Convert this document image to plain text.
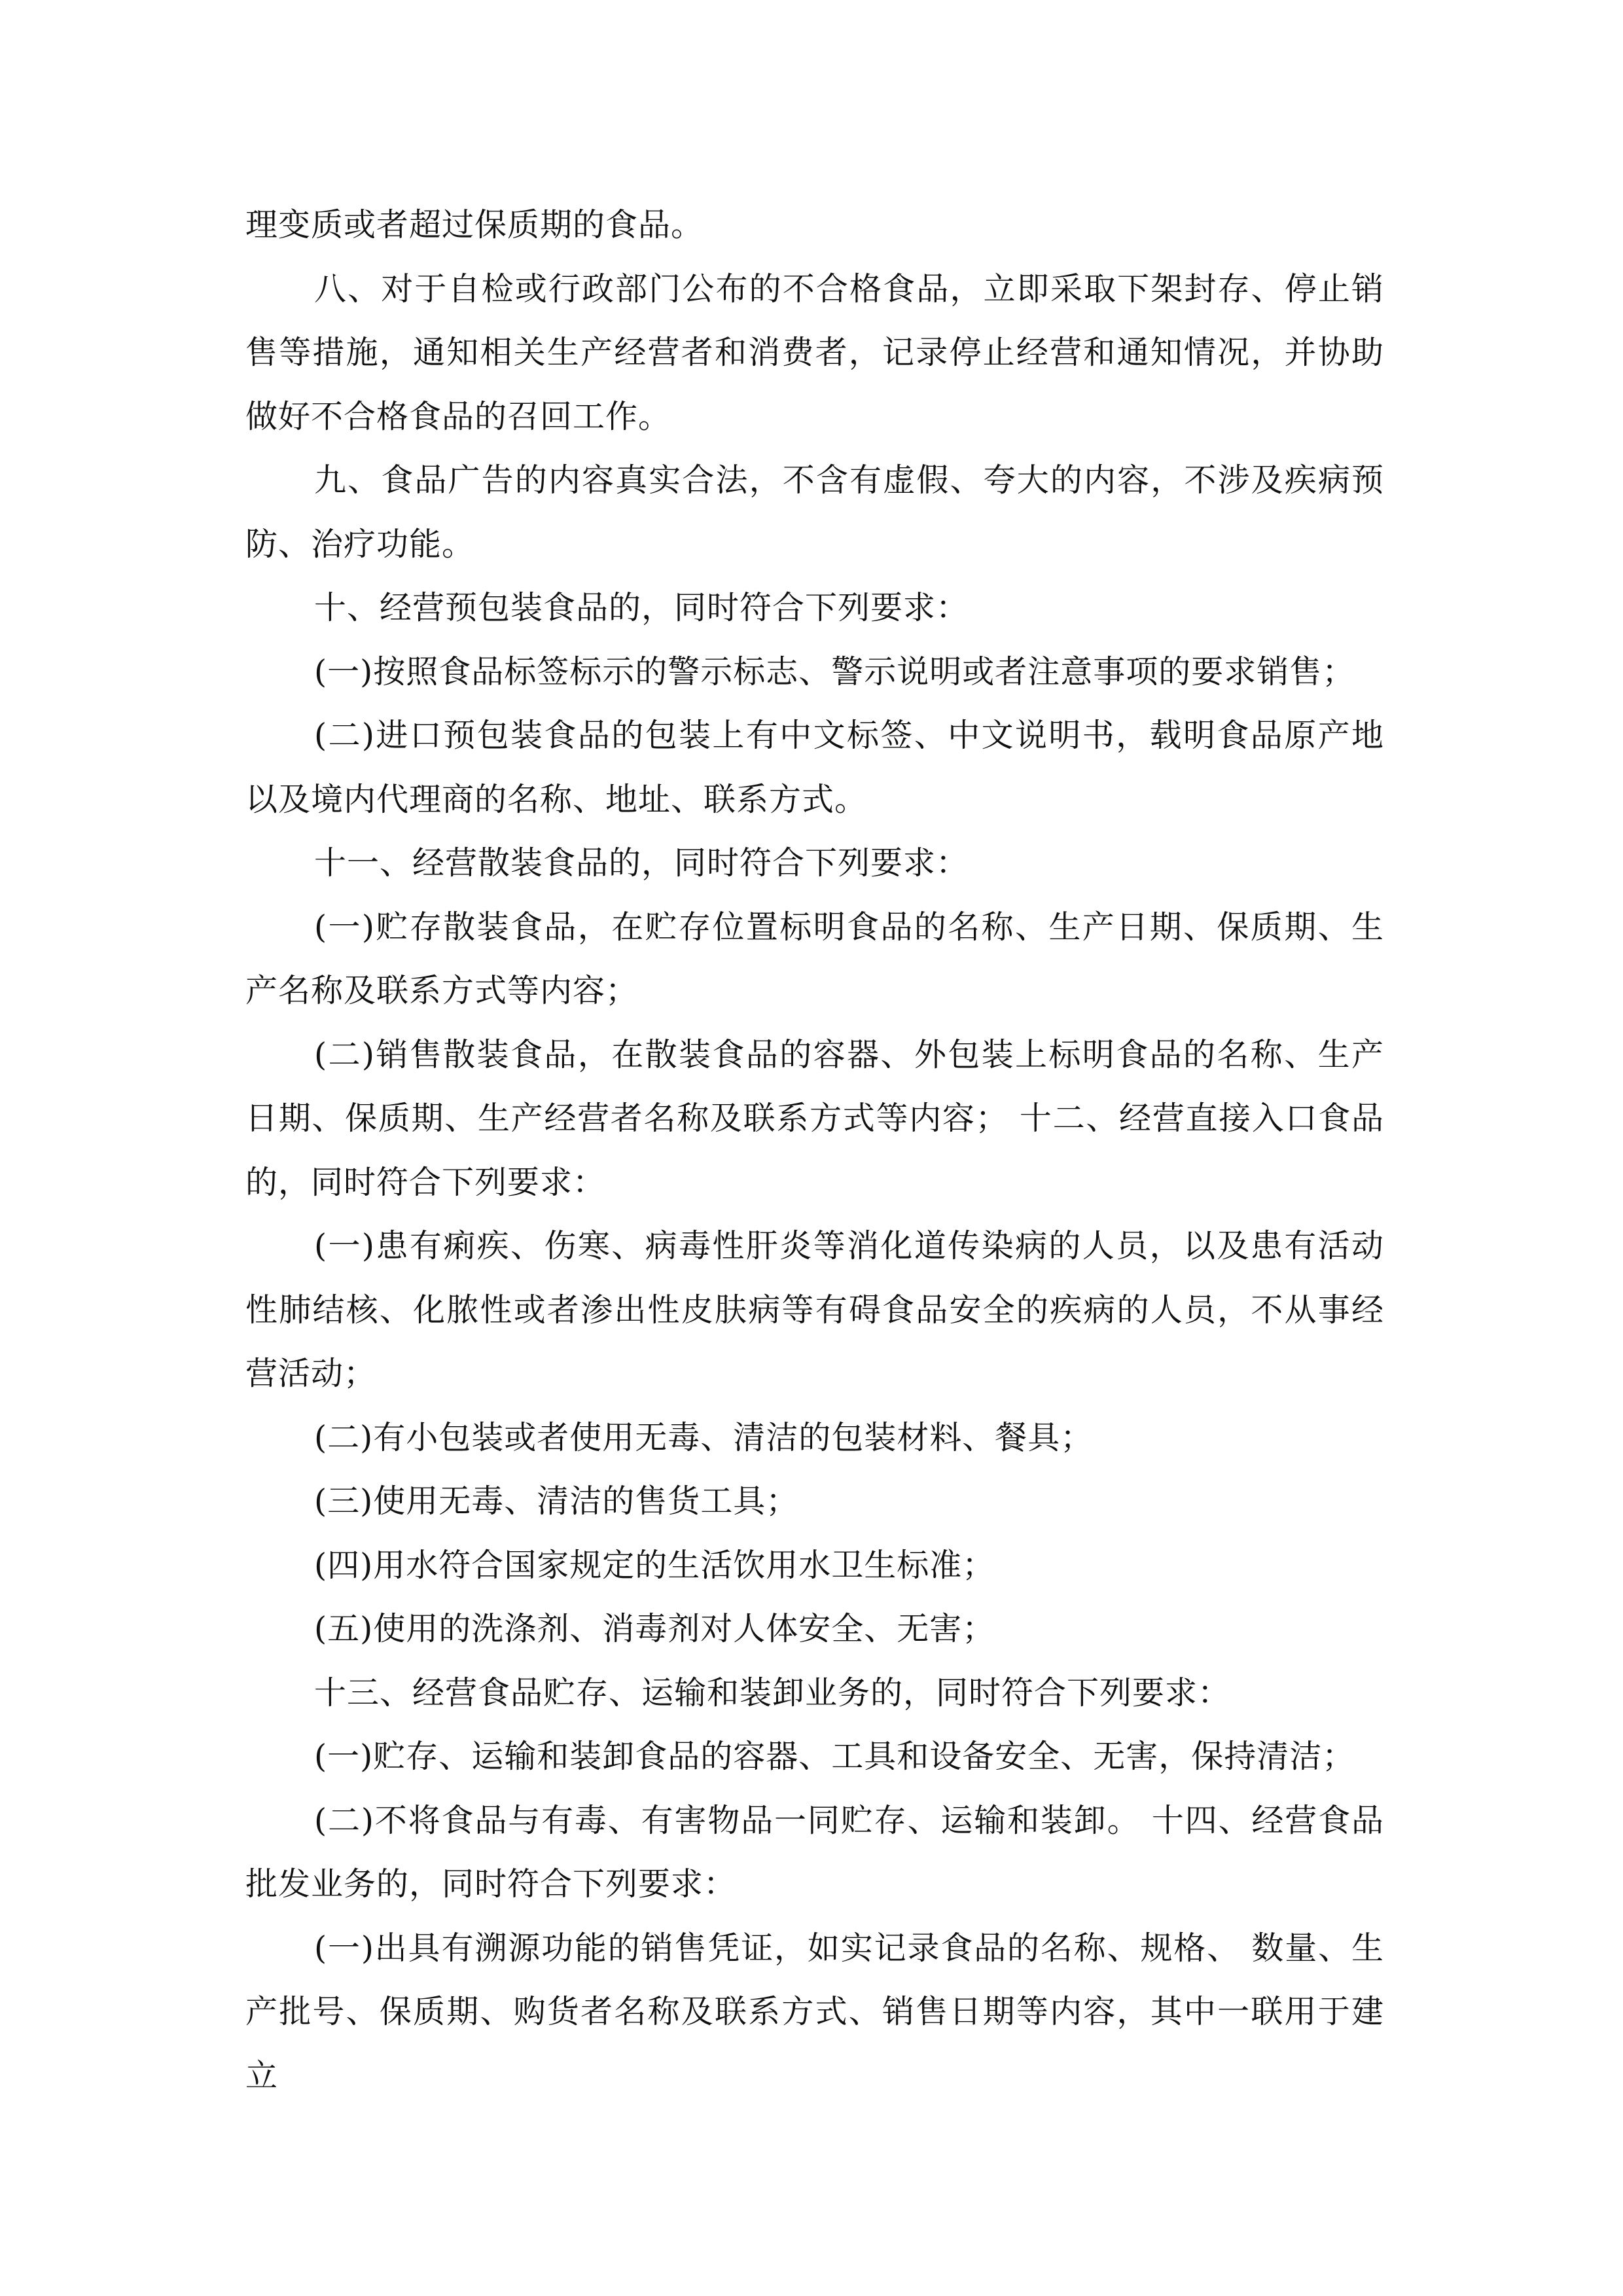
理变质或者超过保质期的食品。

八、对于自检或行政部门公布的不合格食品，立即采取下架封存、停止销售等措施，通知相关生产经营者和消费者，记录停止经营和通知情况，并协助做好不合格食品的召回工作。

九、食品广告的内容真实合法，不含有虚假、夸大的内容，不涉及疾病预防、治疗功能。

十、经营预包装食品的，同时符合下列要求：

(一)按照食品标签标示的警示标志、警示说明或者注意事项的要求销售；

(二)进口预包装食品的包装上有中文标签、中文说明书，载明食品原产地以及境内代理商的名称、地址、联系方式。

十一、经营散装食品的，同时符合下列要求：

(一)贮存散装食品，在贮存位置标明食品的名称、生产日期、保质期、生产名称及联系方式等内容；

(二)销售散装食品，在散装食品的容器、外包装上标明食品的名称、生产日期、保质期、生产经营者名称及联系方式等内容； 十二、经营直接入口食品的，同时符合下列要求：

(一)患有痢疾、伤寒、病毒性肝炎等消化道传染病的人员，以及患有活动性肺结核、化脓性或者渗出性皮肤病等有碍食品安全的疾病的人员，不从事经营活动；

(二)有小包装或者使用无毒、清洁的包装材料、餐具；

(三)使用无毒、清洁的售货工具；

(四)用水符合国家规定的生活饮用水卫生标准；

(五)使用的洗涤剂、消毒剂对人体安全、无害；

十三、经营食品贮存、运输和装卸业务的，同时符合下列要求：

(一)贮存、运输和装卸食品的容器、工具和设备安全、无害，保持清洁；

(二)不将食品与有毒、有害物品一同贮存、运输和装卸。 十四、经营食品批发业务的，同时符合下列要求：

(一)出具有溯源功能的销售凭证，如实记录食品的名称、规格、 数量、生产批号、保质期、购货者名称及联系方式、销售日期等内容，其中一联用于建立
